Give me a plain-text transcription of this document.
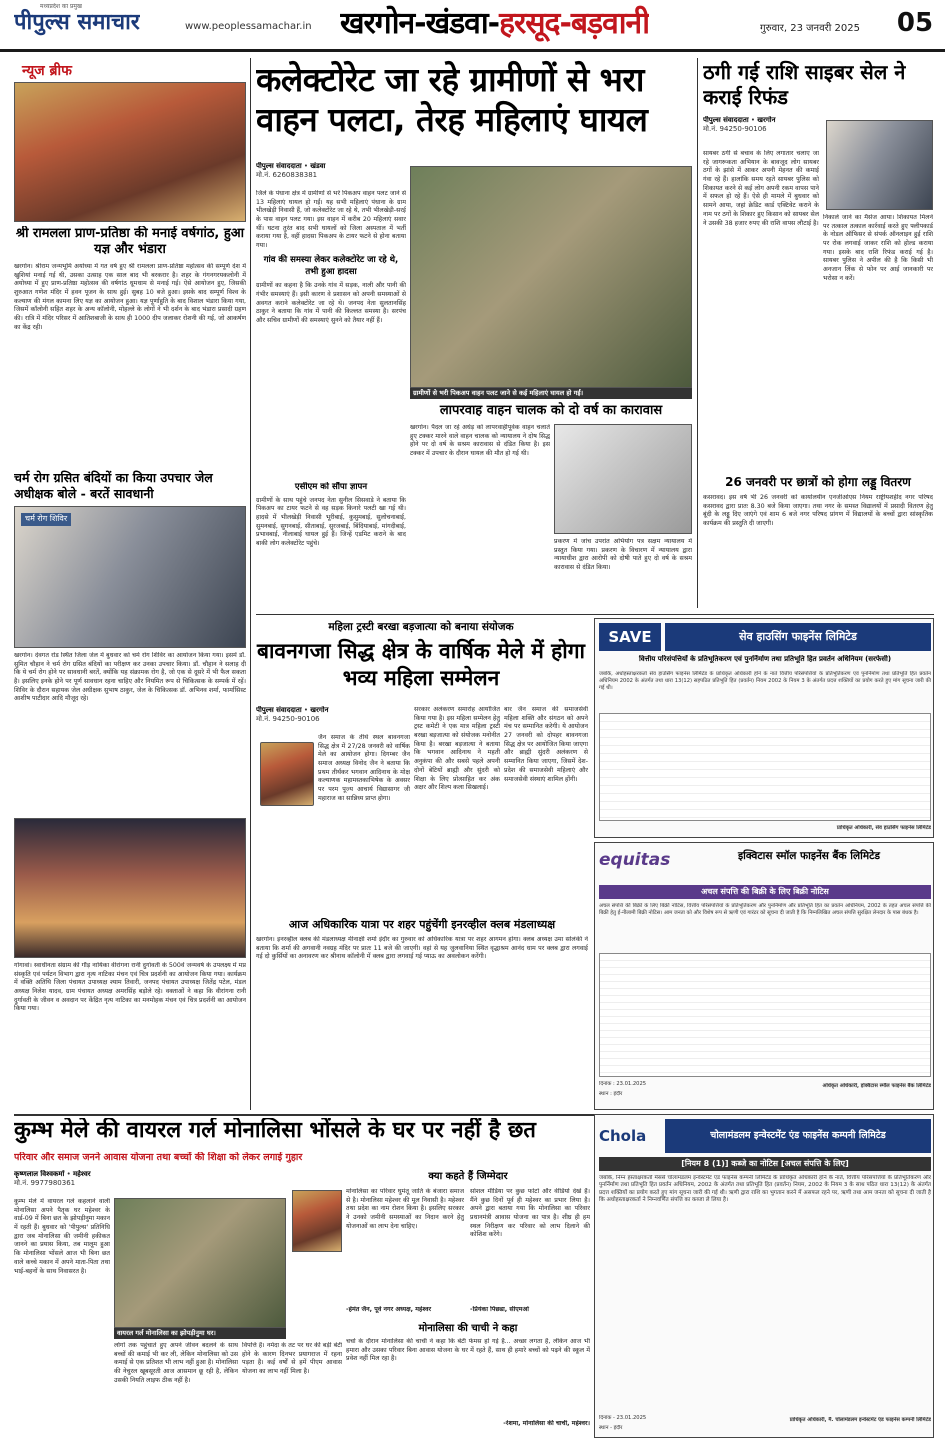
मध्यप्रदेश का प्रमुख
पीपुल्स समाचार	www.peoplessamachar.in खरगोन-खंडवा-हरसूद-बड़वानी	गुरुवार, 23 जनवरी 2025 05
न्यूज ब्रीफ
श्री रामलला प्राण-प्रतिष्ठा की मनाई वर्षगांठ, हुआ यज्ञ और भंडारा
खरगोन। श्रीराम जन्मभूमि अयोध्या में गत वर्ष हुए श्री रामलला प्राण-प्रतिष्ठा महोत्सव की सम्पूर्ण देश में खुशियां मनाई गई थी, उसका उत्साह एक साल बाद भी बरकरार है। शहर के गंगनगरयकलोनी में अयोध्या में हुए प्राण-प्रतिष्ठा महोत्सव की वर्षगांठ धूमधाम से मनाई गई। ऐसे आयोजन हुए, जिसकी शुरुआत गणेश मंदिर में हवन पूजन के साथ हुई। सुबह 10 बजे हुआ। इसके बाद सम्पूर्ण विश्व के कल्याण की मंगल कामना लिए यज्ञ का आयोजन हुआ। यज्ञ पूर्णाहुति के बाद विशाल भंडारा किया गया, जिसमें कॉलोनी सहित शहर के अन्य कॉलोनी, मोहल्ले के लोगों ने भी दर्शन के बाद भंडारा प्रसादी ग्रहण की। रात्रि में मंदिर परिसर में आतिशबाजी के साथ ही 1000 दीप जलाकर रोशनी की गई, जो आकर्षण का केंद्र रही।
चर्म रोग ग्रसित बंदियों का किया उपचार जेल अधीक्षक बोले - बरतें सावधानी
चर्म रोग शिविर
खरगोन। देवगत रोड स्थित जिला जेल में बुधवार को चर्म रोग शिविर का आयोजन किया गया। इसमें डॉ. सुमित चौहान ने चर्म रोग ग्रसित बंदियों का परीक्षण कर उनका उपचार किया। डॉ. चौहान ने सलाह दी कि ये चर्म रोग होने पर सावधानी बरतें, क्योंकि यह संक्रामक रोग है, जो एक से दूसरे में भी फैल सकता है। इसलिए इनके होने पर पूर्ण सावधान रहना चाहिए और नियमित रूप से चिकित्सक के सम्पर्क में रहें। शिविर के दौरान सहायक जेल अधीक्षक सुभाष ठाकुर, जेल के चिकित्सक डॉ. अभिनव शर्मा, फार्मासिस्ट आशीष पाटीदार आदि मौजूद रहे।
गोगावां। स्वाधीनता संग्राम की गौंड़ नायिका वीरांगना रानी दुर्गावती के 500वें जन्मवर्ष के उपलक्ष्य में मप्र संस्कृति एवं पर्यटन विभाग द्वारा नृत्य नाटिका मंचन एवं चित्र प्रदर्शनी का आयोजन किया गया। कार्यक्रम में वक्ति अतिथि जिला पंचायत उपाध्यक्ष श्याम तिवारी, जनपद पंचायत उपाध्यक्ष जितेंद्र पटेल, मंडल अध्यक्ष निलेश यादव, ग्राम पंचायत अध्यक्ष अमरसिंह बड़ोले रहे। वक्ताओं ने कहा कि वीरांगना रानी दुर्गावती के जीवन व अवदान पर केंद्रित नृत्य नाटिका का मनमोहक मंचन एवं चित्र प्रदर्शनी का आयोजन किया गया।
कलेक्टोरेट जा रहे ग्रामीणों से भरा वाहन पलटा, तेरह महिलाएं घायल
पीपुल्स संवाददाता • खंडवा
मो.नं. 6260838381
जिले के पंधाना क्षेत्र में ग्रामीणों से भरे पिकअप वाहन पलट जाने से 13 महिलाएं घायल हो गईं। यह सभी महिलाएं पंधाना के ग्राम भीलखेड़ी निवासी हैं, जो कलेक्टोरेट जा रहे थे, तभी भीलखेड़ी-सरई के पास वाहन पलट गया। इस वाहन में करीब 20 महिलाएं सवार थीं। घटना तुरंत बाद सभी घायलों को जिला अस्पताल में भर्ती कराया गया है, वहीं हादसा पिकअप के टायर फटने से होना बताया गया।
गांव की समस्या लेकर कलेक्टोरेट जा रहे थे, तभी हुआ हादसा
ग्रामीणों का कहना है कि उनके गांव में सड़क, नाली और पानी की गंभीर समस्याएं हैं। इसी कारण वे प्रशासन को अपनी समस्याओं से अवगत कराने कलेक्टोरेट जा रहे थे। जनपद नेता सुलतानसिंह ठाकुर ने बताया कि गांव में पानी की किल्लत समस्या है। सरपंच और सचिव ग्रामीणों की समस्याएं सुनने को तैयार नहीं हैं।
एसीएम को सौंपा ज्ञापन
ग्रामीणों के साथ पहुंचे जनपद नेता सुनील सिसवाडे ने बताया कि पिकअप का टायर फटने से वह सड़क किनारे पलटी खा गई थी। हादसे में भीलखेड़ी निवासी भूरीबाई, कुसुमबाई, सुलोचनाबाई, सुमनबाई, सुगनबाई, सीताबाई, सुरजबाई, बिंदियाबाई, मांगदीबाई, प्रभावबाई, नीलाबाई घायल हुई हैं। जिन्हें एडमिट कराने के बाद बाकी लोग कलेक्टोरेट पहुंचे।
ग्रामीणों से भरी पिकअप वाहन पलट जाने से कई महिलाएं घायल हो गईं।
लापरवाह वाहन चालक को दो वर्ष का कारावास
खरगोन। पैदल जा रहे अधेड़ को लापरवाहीपूर्वक वाहन चलाते हुए टक्कर मारने वाले वाहन चालक को न्यायालय ने दोष सिद्ध होने पर दो वर्ष के सश्रम कारावास से दंडित किया है। इस टक्कर में उपचार के दौरान घायल की मौत हो गई थी।
प्रकरण में जांच उपरांत अभियोग पत्र सक्षम न्यायालय में प्रस्तुत किया गया। प्रकरण के विचारण में न्यायालय द्वारा न्यायाधीश द्वारा आरोपी को दोषी पाते हुए दो वर्ष के सश्रम कारावास से दंडित किया।
ठगी गई राशि साइबर सेल ने कराई रिफंड
पीपुल्स संवाददाता • खरगोन
मो.नं. 94250-90106
सायबर ठगी से बचाव के लिए लगातार चलाए जा रहे जागरूकता अभियान के बावजूद लोग सायबर ठगों के झांसे में आकर अपनी मेहनत की कमाई गंवा रहे हैं। हालांकि समय रहते सायबर पुलिस को शिकायत करने से कई लोग अपनी रकम वापस पाने में सफल हो रहे हैं। ऐसे ही मामले में बुधवार को सामने आया, जहां क्रेडिट कार्ड एक्टिवेट कराने के नाम पर ठगों के शिकार हुए किसान को सायबर सेल ने उसकी 38 हजार रुपए की राशि वापस लौटाई है।
निकाले जाने का मैसेज आया। शिकायत मिलने पर तत्काल तत्काल कार्रवाई करते हुए फ्लीपकार्ड के नोडल ऑफिसर से संपर्क ऑनलाइन हुई राशि पर रोक लगवाई जाकर राशि को होल्ड कराया गया। इसके बाद राशि रिफंड कराई गई है। सायबर पुलिस ने अपील की है कि किसी भी अनजान लिंक से फोन पर आई जानकारी पर भरोसा न करें।
26 जनवरी पर छात्रों को होगा लड्डू वितरण
कसरावद। इस वर्ष भी 26 जनवरी को कार्यालयीन एनजीओएस नियम राष्ट्रीयशहीद नगर परिषद कसरावद द्वारा प्रातः 8.30 बजे किया जाएगा। तथा नगर के समस्त विद्यालयों में प्रसादी वितरण हेतु बूंदी के लड्डू दिए जाएंगे एवं शाम 6 बजे नगर परिषद प्रांगण में विद्यालयों के बच्चों द्वारा सांस्कृतिक कार्यक्रम की प्रस्तुति दी जाएगी।
महिला ट्रस्टी बरखा बड़जात्या को बनाया संयोजक
बावनगजा सिद्ध क्षेत्र के वार्षिक मेले में होगा भव्य महिला सम्मेलन
पीपुल्स संवाददाता • खरगोन
मो.नं. 94250-90106
जैन समाज के तीर्थ स्थल बावनगजा सिद्ध क्षेत्र में 27/28 जनवरी को वार्षिक मेले का आयोजन होगा। दिगम्बर जैन समाज अध्यक्ष विनोद जैन ने बताया कि प्रथम तीर्थंकर भगवान आदिनाथ के मोक्ष कल्याणक महामस्तकाभिषेक के अवसर पर परम पूज्य आचार्य विद्यासागर जी महाराज का सान्निध्य प्राप्त होगा।
सरकार अलंकरण समारोह आयोजित किया गया है। इस महिला सम्मेलन हेतु ट्रस्ट कमेटी ने एक मात्र महिला ट्रस्टी बरखा बड़जात्या को संयोजक मनोनीत किया है। बरखा बड़जात्या ने बताया कि भगवान आदिनाथ ने महती अनुकंपा की और सबसे पहले अपनी दोनों बेटियों ब्राह्मी और सुंदरी को शिक्षा के लिए प्रोत्साहित कर अंक अक्षर और शिल्प कला सिखलाई।
बार जैन समाज की समाजसेवी महिला शक्ति और संगठन को अपने मंच पर सम्मानित करेगी। ये आयोजन 27 जनवरी को दोपहर बावनगजा सिद्ध क्षेत्र पर आयोजित किया जाएगा और ब्राह्मी सुंदरी अलंकरण से सम्मानित किया जाएगा, जिसमें देश-प्रदेश की समाजसेवी महिलाएं और समाजसेवी संस्थाएं शामिल होंगी।
आज अधिकारिक यात्रा पर शहर पहुंचेंगी इनरव्हील क्लब मंडलाध्यक्ष
खरगोन। इनरव्हील क्लब की मंडलाध्यक्ष मीनाक्षी शर्मा इंदौर का गुरुवार को अधिकारिक यात्रा पर शहर आगमन होगा। क्लब अध्यक्ष उमा सोलंकी ने बताया कि शर्मा की अगवानी नवग्रह मंदिर पर प्रातः 11 बजे की जाएगी। वहां से यह जुलवानिया स्थित वृद्धाश्रम आनंद धाम पर क्लब द्वारा लगवाई गई दो कुर्सियों का अनावरण कर श्रीनाथ कॉलोनी में क्लब द्वारा लगवाई गई प्याऊ का अवलोकन करेंगी।
SAVE	सेव हाउसिंग फाइनेंस लिमिटेड
वित्तीय परिसंपत्तियों के प्रतिभूतिकरण एवं पुनर्निर्माण तथा प्रतिभूति हित प्रवर्तन अधिनियम (सरफेसी)
जबकि, अधोहस्ताक्षरकर्ता सेव हाउसिंग फाइनेंस लिमिटेड के प्राधिकृत अधिकारी होने के नाते वित्तीय परिसंपत्तियों के प्रतिभूतिकरण एवं पुनर्निर्माण तथा प्रतिभूति हित प्रवर्तन अधिनियम 2002 के अंतर्गत तथा धारा 13(12) सहपठित प्रतिभूति हित (प्रवर्तन) नियम 2002 के नियम 3 के अंतर्गत प्रदत्त शक्तियों का प्रयोग करते हुए मांग सूचना जारी की गई थी।
प्राधिकृत अधिकारी, सेव हाउसिंग फाइनेंस लिमिटेड
equitas	इक्विटास स्मॉल फाइनेंस बैंक लिमिटेड
अचल संपत्ति की बिक्री के लिए बिक्री नोटिस
अचल संपत्ति की बिक्री के लिए बिक्री नोटिस, वित्तीय परिसंपत्तियों के प्रतिभूतिकरण और पुनर्निर्माण और प्रतिभूति हित का प्रवर्तन अधिनियम, 2002 के तहत अचल संपत्ति की बिक्री हेतु ई-नीलामी बिक्री नोटिस। आम जनता को और विशेष रूप से ऋणी एवं गारंटर को सूचना दी जाती है कि निम्नलिखित अचल संपत्ति सुरक्षित लेनदार के पास बंधक है।
दिनांक : 23.01.2025
स्थान : इंदौर
अधिकृत अधिकारी, इक्विटास स्मॉल फाइनेंस बैंक लिमिटेड
कुम्भ मेले की वायरल गर्ल मोनालिसा भोंसले के घर पर नहीं है छत
परिवार और समाज जनने आवास योजना तथा बच्चों की शिक्षा को लेकर लगाई गुहार
कृष्णलाल विश्वकर्मा • महेश्वर
मो.नं. 9977980361
कुम्भ मेले में वायरल गर्ल कहलाने वाली मोनालिसा अपने पैतृक घर महेश्वर के वार्ड-09 में बिना छत के झोपड़ीनुमा मकान में रहती हैं। बुधवार को 'पीपुल्स' प्रतिनिधि द्वारा जब मोनालिसा की जमीनी हकीकत जानने का प्रयास किया, तब मालूम हुआ कि मोनालिसा भोंसले आज भी बिना छत वाले कच्चे मकान में अपने माता-पिता तथा भाई-बहनों के साथ निवासरत है।
वायरल गर्ल मोनालिसा का झोपड़ीनुमा घर।
लोगों तक पहुंचाते हुए अपने जीवन बदलने के साथ बच्चों की कमाई भी कर ली, लेकिन मोनालिसा को उस कमाई से एक प्रतिशत भी लाभ नहीं हुआ है। मोनालिसा की नेचुरल खूबसूरती आज आसमान छू रही है, लेकिन उसकी नियति लाइफ ठीक नहीं है।
विपत्ति है। नर्मदा के तट पर घर की बड़ी बेटी होने के कारण दिनभर प्रयागराज में रहना पड़ता है। कई वर्षों से हमें पीएम आवास योजना का लाभ नहीं मिला है।
क्या कहते हैं जिम्मेदार
मोनालिसा का परिवार घुमंतू जाति के बंजारा समाज से है। मोनालिसा महेश्वर की मूल निवासी है। महेश्वर तथा प्रदेश का नाम रोशन किया है। इसलिए सरकार ने उनको जमीनी समस्याओं का निदान करने हेतु योजनाओं का लाभ देना चाहिए।
-हेमंत जैन, पूर्व नगर अध्यक्ष, महेश्वर
सोशल मीडिया पर कुछ फोटो और वीडियो देखे हैं। मैंने कुछ दिनों पूर्व ही महेश्वर का प्रभार लिया है। अपने द्वारा बताया गया कि मोनालिसा का परिवार प्रधानमंत्री आवास योजना का पात्र है। शीघ्र ही हम स्थल निरीक्षण कर परिवार को लाभ दिलाने की कोशिश करेंगे।
-प्रियंका पिछडा, सीएमओ
मोनालिसा की चाची ने कहा
चर्चा के दौरान मोनालिसा की चाची ने कहा कि बेटी फेमस हो गई है... अच्छा लगता है, लेकिन आज भी हमारा और उसका परिवार बिना आवास योजना के घर में रहते हैं, साथ ही हमारे बच्चों को पढ़ने की स्कूल में प्रवेश नहीं मिल रहा है।
-रेशमा, मोनालिसा की चाची, महेश्वर।
Chola	चोलामंडलम इन्वेस्टमेंट एंड फाइनेंस कम्पनी लिमिटेड
[नियम 8 (1)] कब्जे का नोटिस [अचल संपत्ति के लिए]
जबकि, निम्न हस्ताक्षरकर्ता मेसर्स चोलामंडलम इन्वेस्टमेंट एंड फाइनेंस कम्पनी लिमिटेड के प्राधिकृत अधिकारी होने के नाते, वित्तीय परिसंपत्तियों के प्रतिभूतिकरण और पुनर्निर्माण तथा प्रतिभूति हित प्रवर्तन अधिनियम, 2002 के अंतर्गत तथा प्रतिभूति हित (प्रवर्तन) नियम, 2002 के नियम 3 के साथ पठित धारा 13(12) के अंतर्गत प्रदत्त शक्तियों का प्रयोग करते हुए मांग सूचना जारी की गई थी। ऋणी द्वारा राशि का भुगतान करने में असफल रहने पर, ऋणी तथा आम जनता को सूचना दी जाती है कि अधोहस्ताक्षरकर्ता ने निम्नवर्णित संपत्ति का कब्जा ले लिया है।
दिनांक - 23.01.2025
स्थान - इंदौर
प्राधिकृत अधिकारी, मै. चोलामंडलम इन्वेस्टमेंट एंड फाइनेंस कम्पनी लिमिटेड
